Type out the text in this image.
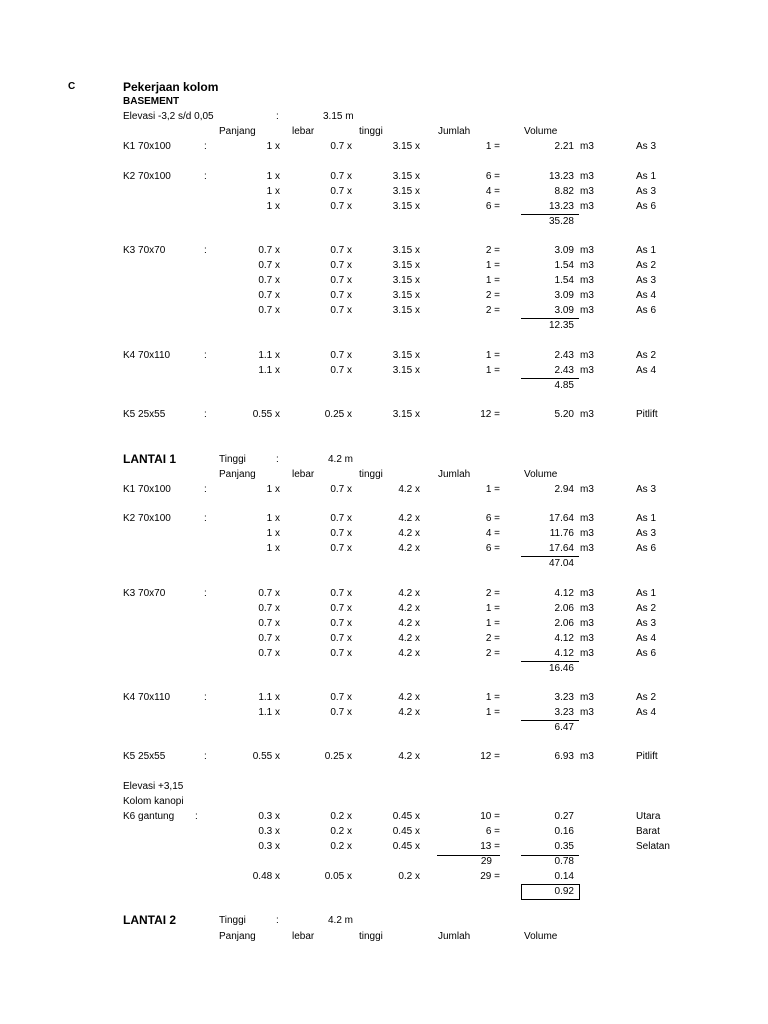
C	Pekerjaan kolom
BASEMENT
Elevasi -3,2 s/d 0,05	:	3.15 m
Panjang	lebar	tinggi	Jumlah	Volume
K1 70x100	:	1 x	0.7 x	3.15 x	1 =	2.21 m3	As 3
K2 70x100	:	1 x	0.7 x	3.15 x	6 =	13.23 m3	As 1
1 x	0.7 x	3.15 x	4 =	8.82 m3	As 3
1 x	0.7 x	3.15 x	6 =	13.23 m3	As 6
35.28
K3 70x70	:	0.7 x	0.7 x	3.15 x	2 =	3.09 m3	As 1
0.7 x	0.7 x	3.15 x	1 =	1.54 m3	As 2
0.7 x	0.7 x	3.15 x	1 =	1.54 m3	As 3
0.7 x	0.7 x	3.15 x	2 =	3.09 m3	As 4
0.7 x	0.7 x	3.15 x	2 =	3.09 m3	As 6
12.35
K4 70x110	:	1.1 x	0.7 x	3.15 x	1 =	2.43 m3	As 2
1.1 x	0.7 x	3.15 x	1 =	2.43 m3	As 4
4.85
K5 25x55	:	0.55 x	0.25 x	3.15 x	12 =	5.20 m3	Pitlift
LANTAI 1	Tinggi	:	4.2 m
Panjang	lebar	tinggi	Jumlah	Volume
K1 70x100	:	1 x	0.7 x	4.2 x	1 =	2.94 m3	As 3
K2 70x100	:	1 x	0.7 x	4.2 x	6 =	17.64 m3	As 1
1 x	0.7 x	4.2 x	4 =	11.76 m3	As 3
1 x	0.7 x	4.2 x	6 =	17.64 m3	As 6
47.04
K3 70x70	:	0.7 x	0.7 x	4.2 x	2 =	4.12 m3	As 1
0.7 x	0.7 x	4.2 x	1 =	2.06 m3	As 2
0.7 x	0.7 x	4.2 x	1 =	2.06 m3	As 3
0.7 x	0.7 x	4.2 x	2 =	4.12 m3	As 4
0.7 x	0.7 x	4.2 x	2 =	4.12 m3	As 6
16.46
K4 70x110	:	1.1 x	0.7 x	4.2 x	1 =	3.23 m3	As 2
1.1 x	0.7 x	4.2 x	1 =	3.23 m3	As 4
6.47
K5 25x55	:	0.55 x	0.25 x	4.2 x	12 =	6.93 m3	Pitlift
Elevasi +3,15
Kolom kanopi
K6 gantung :	0.3 x	0.2 x	0.45 x	10 =	0.27	Utara
0.3 x	0.2 x	0.45 x	6 =	0.16	Barat
0.3 x	0.2 x	0.45 x	13 =	0.35	Selatan
29	0.78
0.48 x	0.05 x	0.2 x	29 =	0.14
0.92
LANTAI 2	Tinggi	:	4.2 m
Panjang	lebar	tinggi	Jumlah	Volume
